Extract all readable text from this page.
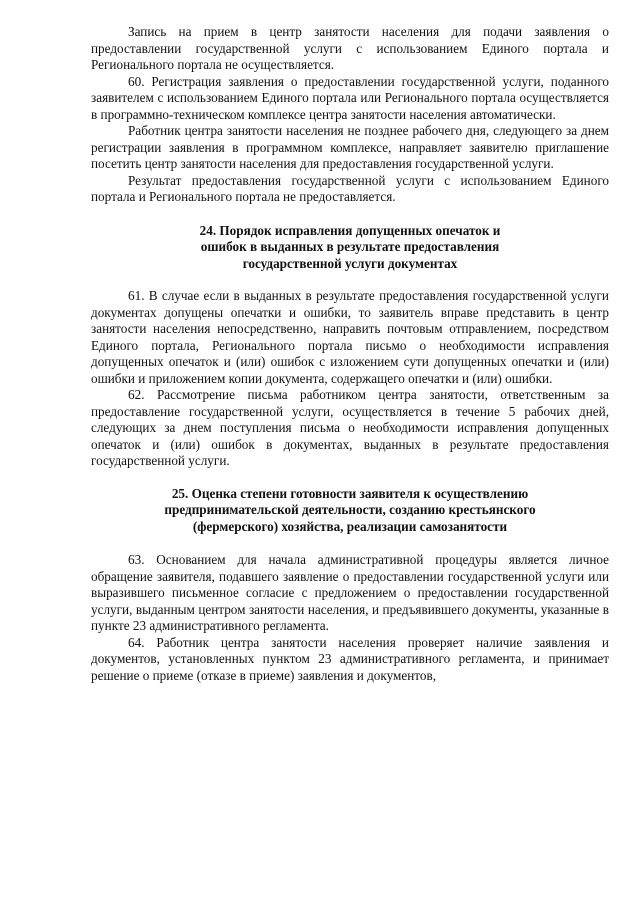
Запись на прием в центр занятости населения для подачи заявления о предоставлении государственной услуги с использованием Единого портала и Регионального портала не осуществляется.

60. Регистрация заявления о предоставлении государственной услуги, поданного заявителем с использованием Единого портала или Регионального портала осуществляется в программно-техническом комплексе центра занятости населения автоматически.

Работник центра занятости населения не позднее рабочего дня, следующего за днем регистрации заявления в программном комплексе, направляет заявителю приглашение посетить центр занятости населения для предоставления государственной услуги.

Результат предоставления государственной услуги с использованием Единого портала и Регионального портала не предоставляется.

24. Порядок исправления допущенных опечаток и
ошибок в выданных в результате предоставления
государственной услуги документах

61. В случае если в выданных в результате предоставления государственной услуги документах допущены опечатки и ошибки, то заявитель вправе представить в центр занятости населения непосредственно, направить почтовым отправлением, посредством Единого портала, Регионального портала письмо о необходимости исправления допущенных опечаток и (или) ошибок с изложением сути допущенных опечатки и (или) ошибки и приложением копии документа, содержащего опечатки и (или) ошибки.

62. Рассмотрение письма работником центра занятости, ответственным за предоставление государственной услуги, осуществляется в течение 5 рабочих дней, следующих за днем поступления письма о необходимости исправления допущенных опечаток и (или) ошибок в документах, выданных в результате предоставления государственной услуги.

25. Оценка степени готовности заявителя к осуществлению
предпринимательской деятельности, созданию крестьянского
(фермерского) хозяйства, реализации самозанятости

63. Основанием для начала административной процедуры является личное обращение заявителя, подавшего заявление о предоставлении государственной услуги или выразившего письменное согласие с предложением о предоставлении государственной услуги, выданным центром занятости населения, и предъявившего документы, указанные в пункте 23 административного регламента.

64. Работник центра занятости населения проверяет наличие заявления и документов, установленных пунктом 23 административного регламента, и принимает решение о приеме (отказе в приеме) заявления и документов,
